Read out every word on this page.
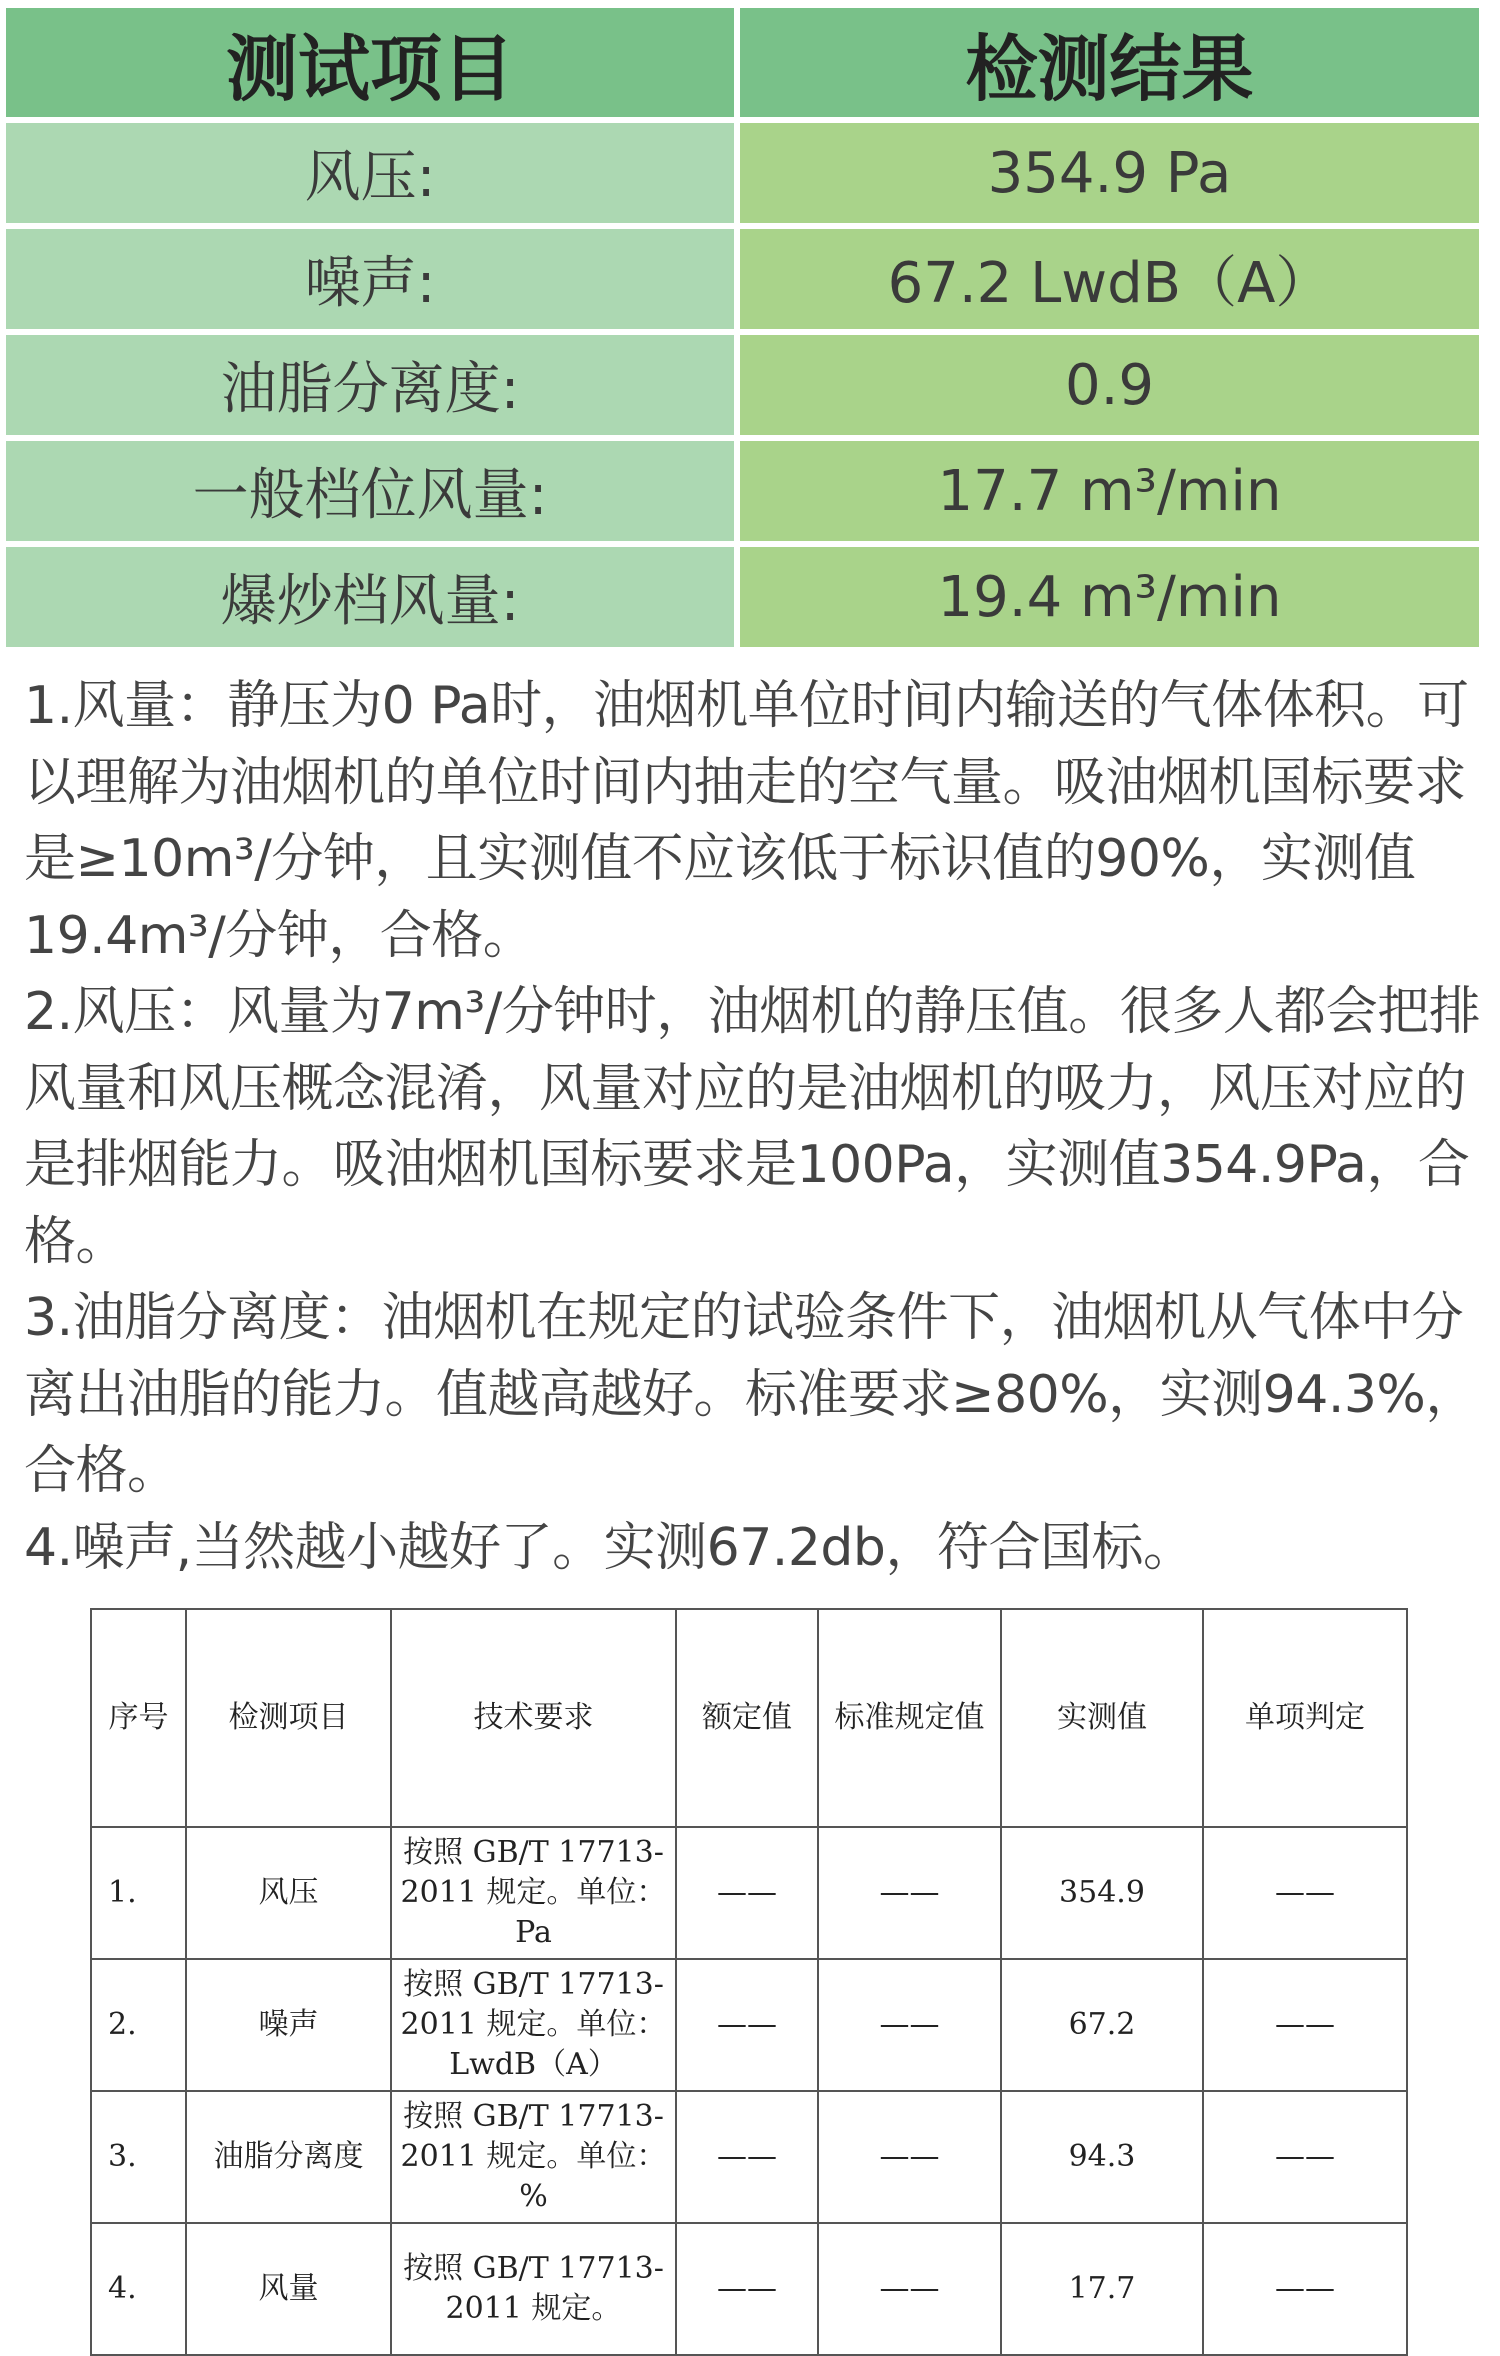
测试项目	检测结果
风压:	354.9 Pa
噪声:	67.2 LwdB（A）
油脂分离度:	0.9
一般档位风量:	17.7 m³/min
爆炒档风量:	19.4 m³/min

1.风量：静压为0 Pa时，油烟机单位时间内输送的气体体积。可以理解为油烟机的单位时间内抽走的空气量。吸油烟机国标要求是≥10m³/分钟，且实测值不应该低于标识值的90%，实测值19.4m³/分钟，合格。

2.风压：风量为7m³/分钟时，油烟机的静压值。很多人都会把排风量和风压概念混淆，风量对应的是油烟机的吸力，风压对应的是排烟能力。吸油烟机国标要求是100Pa，实测值354.9Pa，合格。

3.油脂分离度：油烟机在规定的试验条件下，油烟机从气体中分离出油脂的能力。值越高越好。标准要求≥80%，实测94.3%，合格。

4.噪声,当然越小越好了。实测67.2db，符合国标。

序号	检测项目	技术要求	额定值	标准规定值	实测值	单项判定
1.	风压	按照 GB/T 17713-2011 规定。单位：Pa	——	——	354.9	——
2.	噪声	按照 GB/T 17713-2011 规定。单位：LwdB（A）	——	——	67.2	——
3.	油脂分离度	按照 GB/T 17713-2011 规定。单位：%	——	——	94.3	——
4.	风量	按照 GB/T 17713-2011 规定。	——	——	17.7	——
